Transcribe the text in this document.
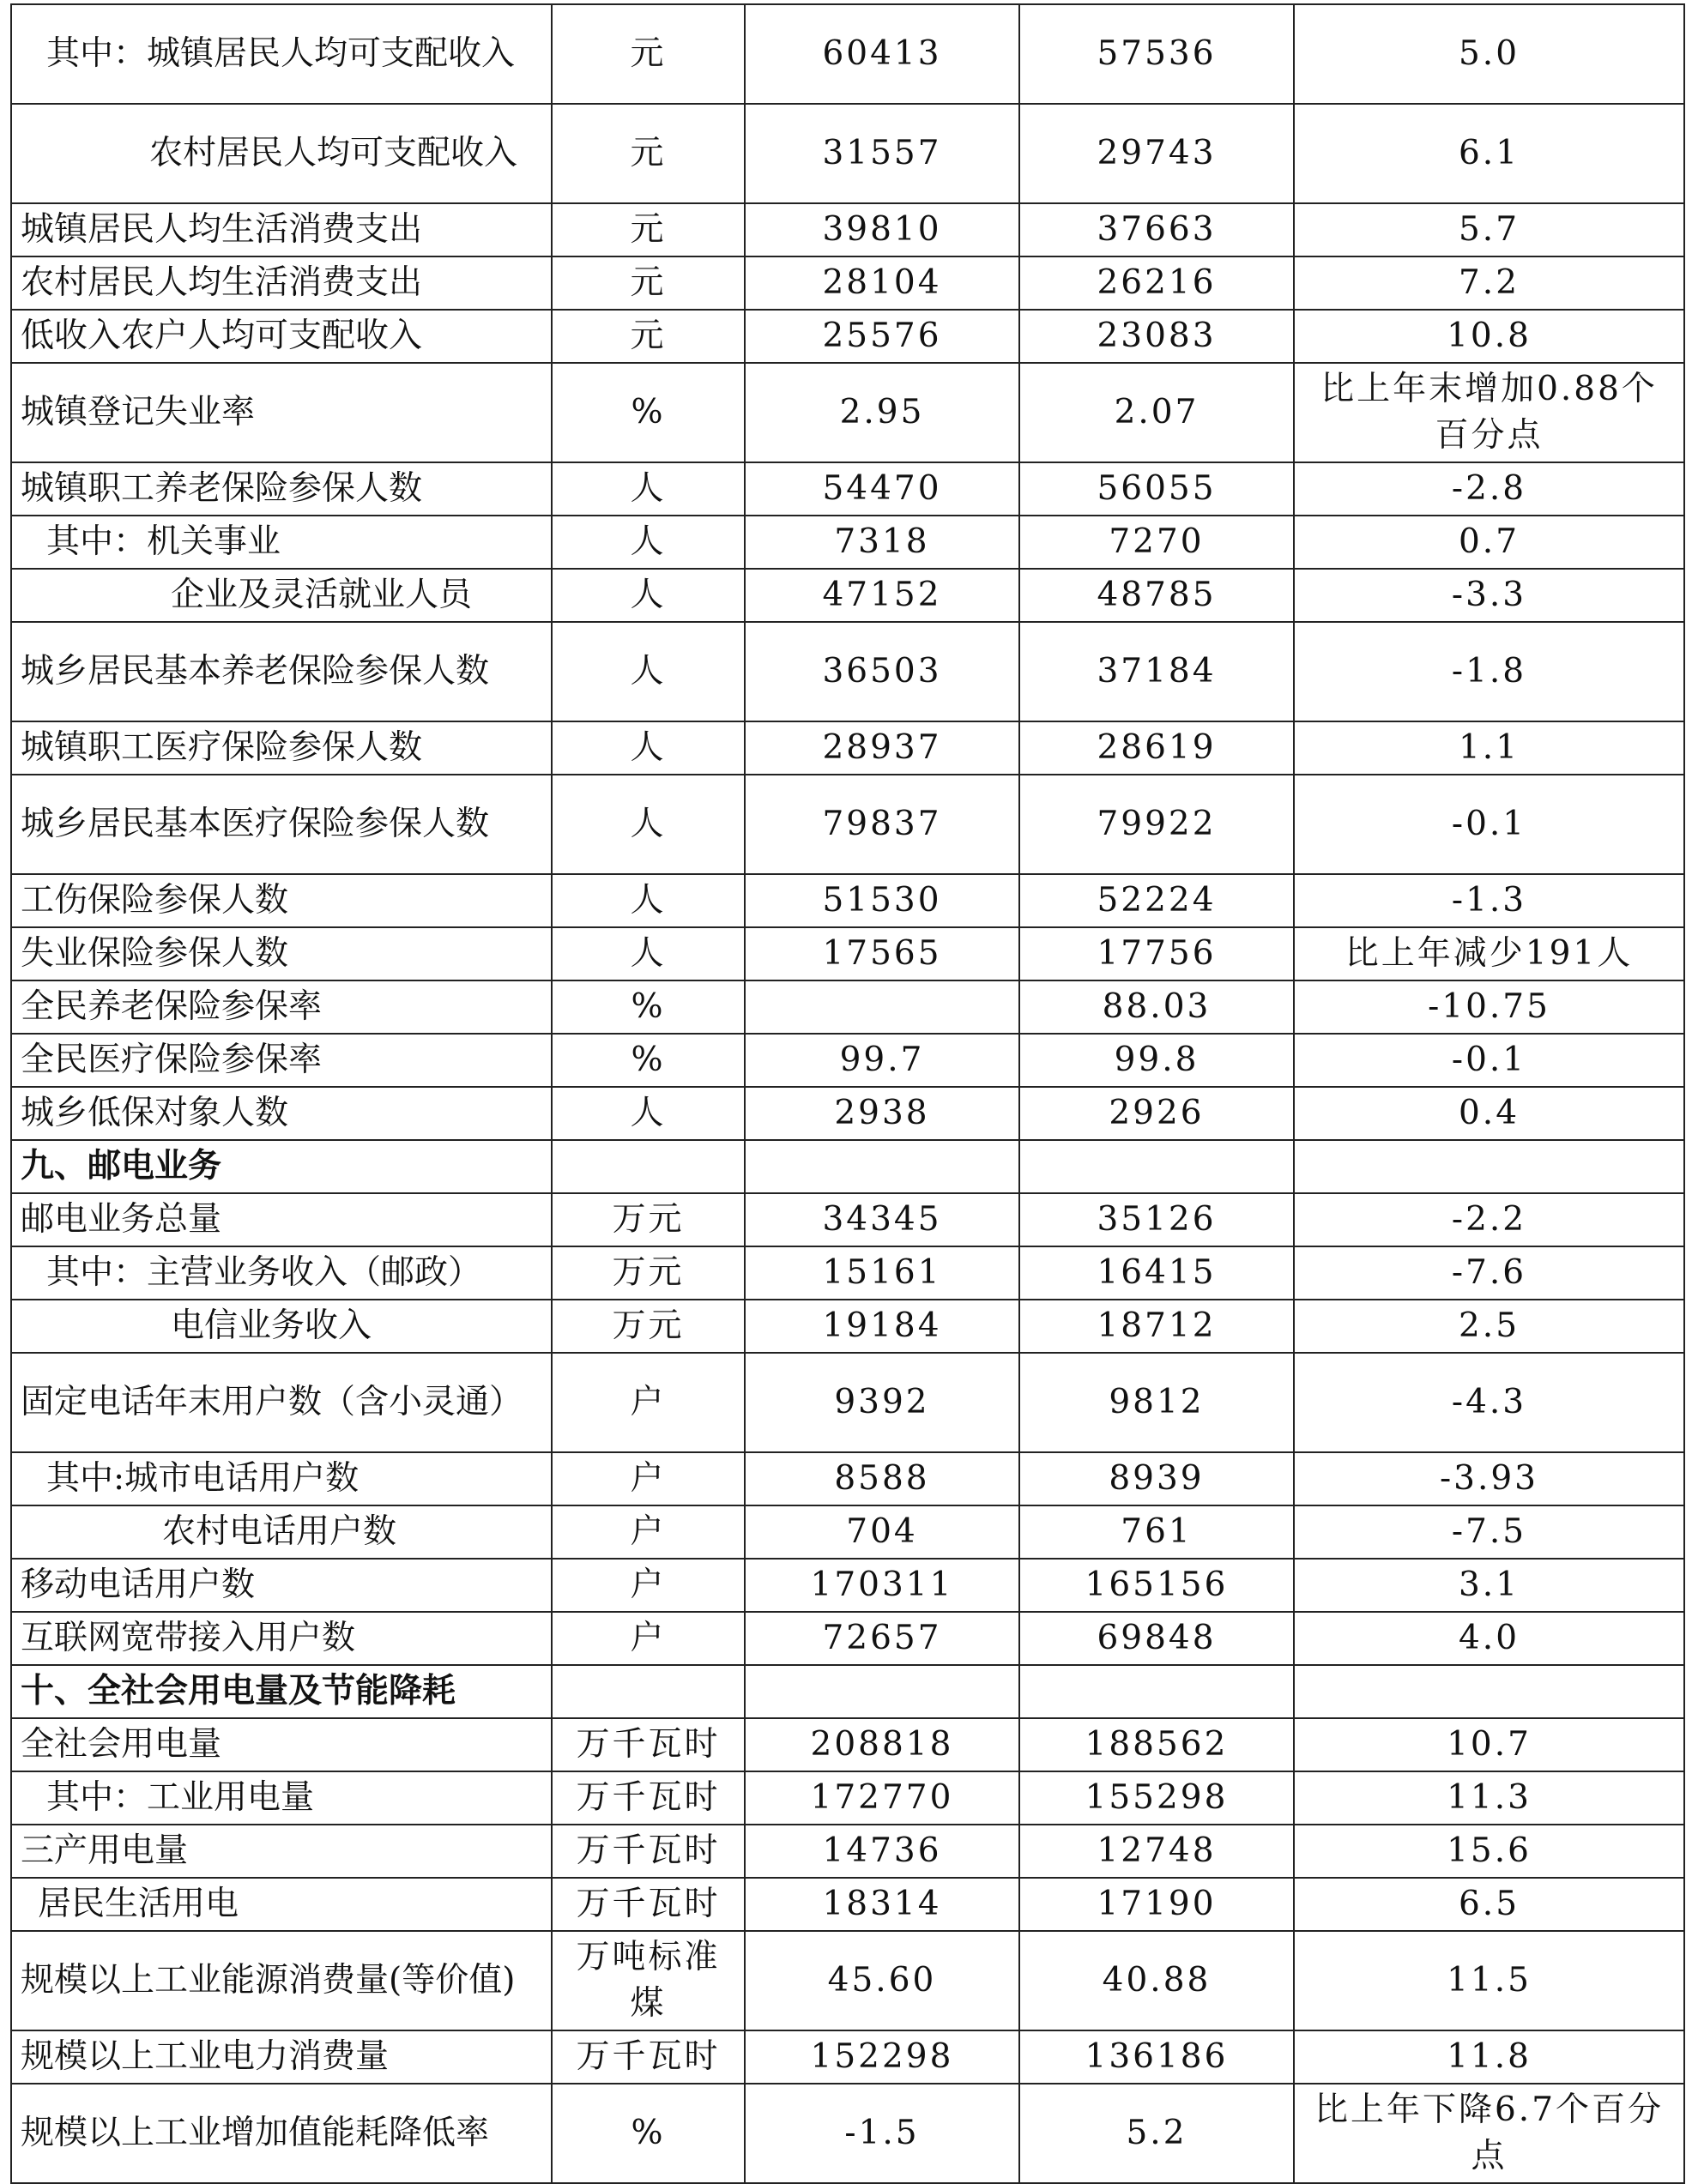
其中：城镇居民人均可支配收入	元	60413	57536	5.0
农村居民人均可支配收入	元	31557	29743	6.1
城镇居民人均生活消费支出	元	39810	37663	5.7
农村居民人均生活消费支出	元	28104	26216	7.2
低收入农户人均可支配收入	元	25576	23083	10.8
城镇登记失业率	%	2.95	2.07	比上年末增加0.88个百分点
城镇职工养老保险参保人数	人	54470	56055	-2.8
其中：机关事业	人	7318	7270	0.7
企业及灵活就业人员	人	47152	48785	-3.3
城乡居民基本养老保险参保人数	人	36503	37184	-1.8
城镇职工医疗保险参保人数	人	28937	28619	1.1
城乡居民基本医疗保险参保人数	人	79837	79922	-0.1
工伤保险参保人数	人	51530	52224	-1.3
失业保险参保人数	人	17565	17756	比上年减少191人
全民养老保险参保率	%		88.03	-10.75
全民医疗保险参保率	%	99.7	99.8	-0.1
城乡低保对象人数	人	2938	2926	0.4
九、邮电业务				
邮电业务总量	万元	34345	35126	-2.2
其中：主营业务收入（邮政）	万元	15161	16415	-7.6
电信业务收入	万元	19184	18712	2.5
固定电话年末用户数（含小灵通）	户	9392	9812	-4.3
其中:城市电话用户数	户	8588	8939	-3.93
农村电话用户数	户	704	761	-7.5
移动电话用户数	户	170311	165156	3.1
互联网宽带接入用户数	户	72657	69848	4.0
十、全社会用电量及节能降耗				
全社会用电量	万千瓦时	208818	188562	10.7
其中：工业用电量	万千瓦时	172770	155298	11.3
三产用电量	万千瓦时	14736	12748	15.6
居民生活用电	万千瓦时	18314	17190	6.5
规模以上工业能源消费量(等价值)	万吨标准煤	45.60	40.88	11.5
规模以上工业电力消费量	万千瓦时	152298	136186	11.8
规模以上工业增加值能耗降低率	%	-1.5	5.2	比上年下降6.7个百分点
